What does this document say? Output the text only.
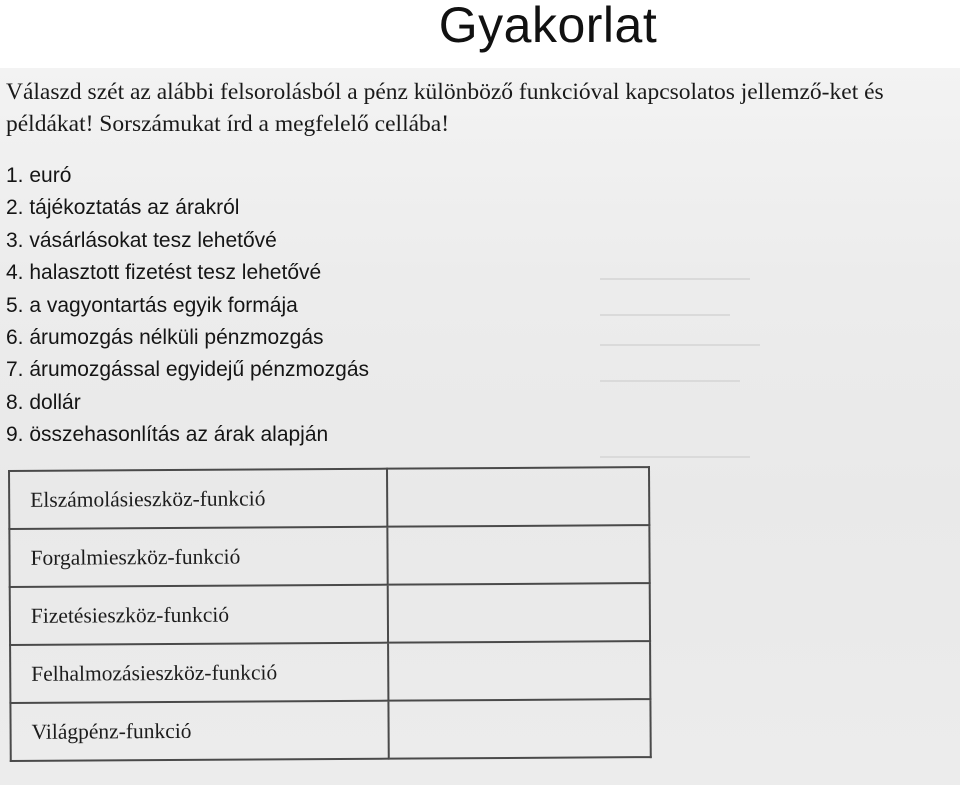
Gyakorlat

Válaszd szét az alábbi felsorolásból a pénz különböző funkcióval kapcsolatos jellemző-ket és példákat! Sorszámukat írd a megfelelő cellába!

1. euró
2. tájékoztatás az árakról
3. vásárlásokat tesz lehetővé
4. halasztott fizetést tesz lehetővé
5. a vagyontartás egyik formája
6. árumozgás nélküli pénzmozgás
7. árumozgással egyidejű pénzmozgás
8. dollár
9. összehasonlítás az árak alapján
Elszámolásieszköz-funkció	
Forgalmieszköz-funkció	
Fizetésieszköz-funkció	
Felhalmozásieszköz-funkció	
Világpénz-funkció	
